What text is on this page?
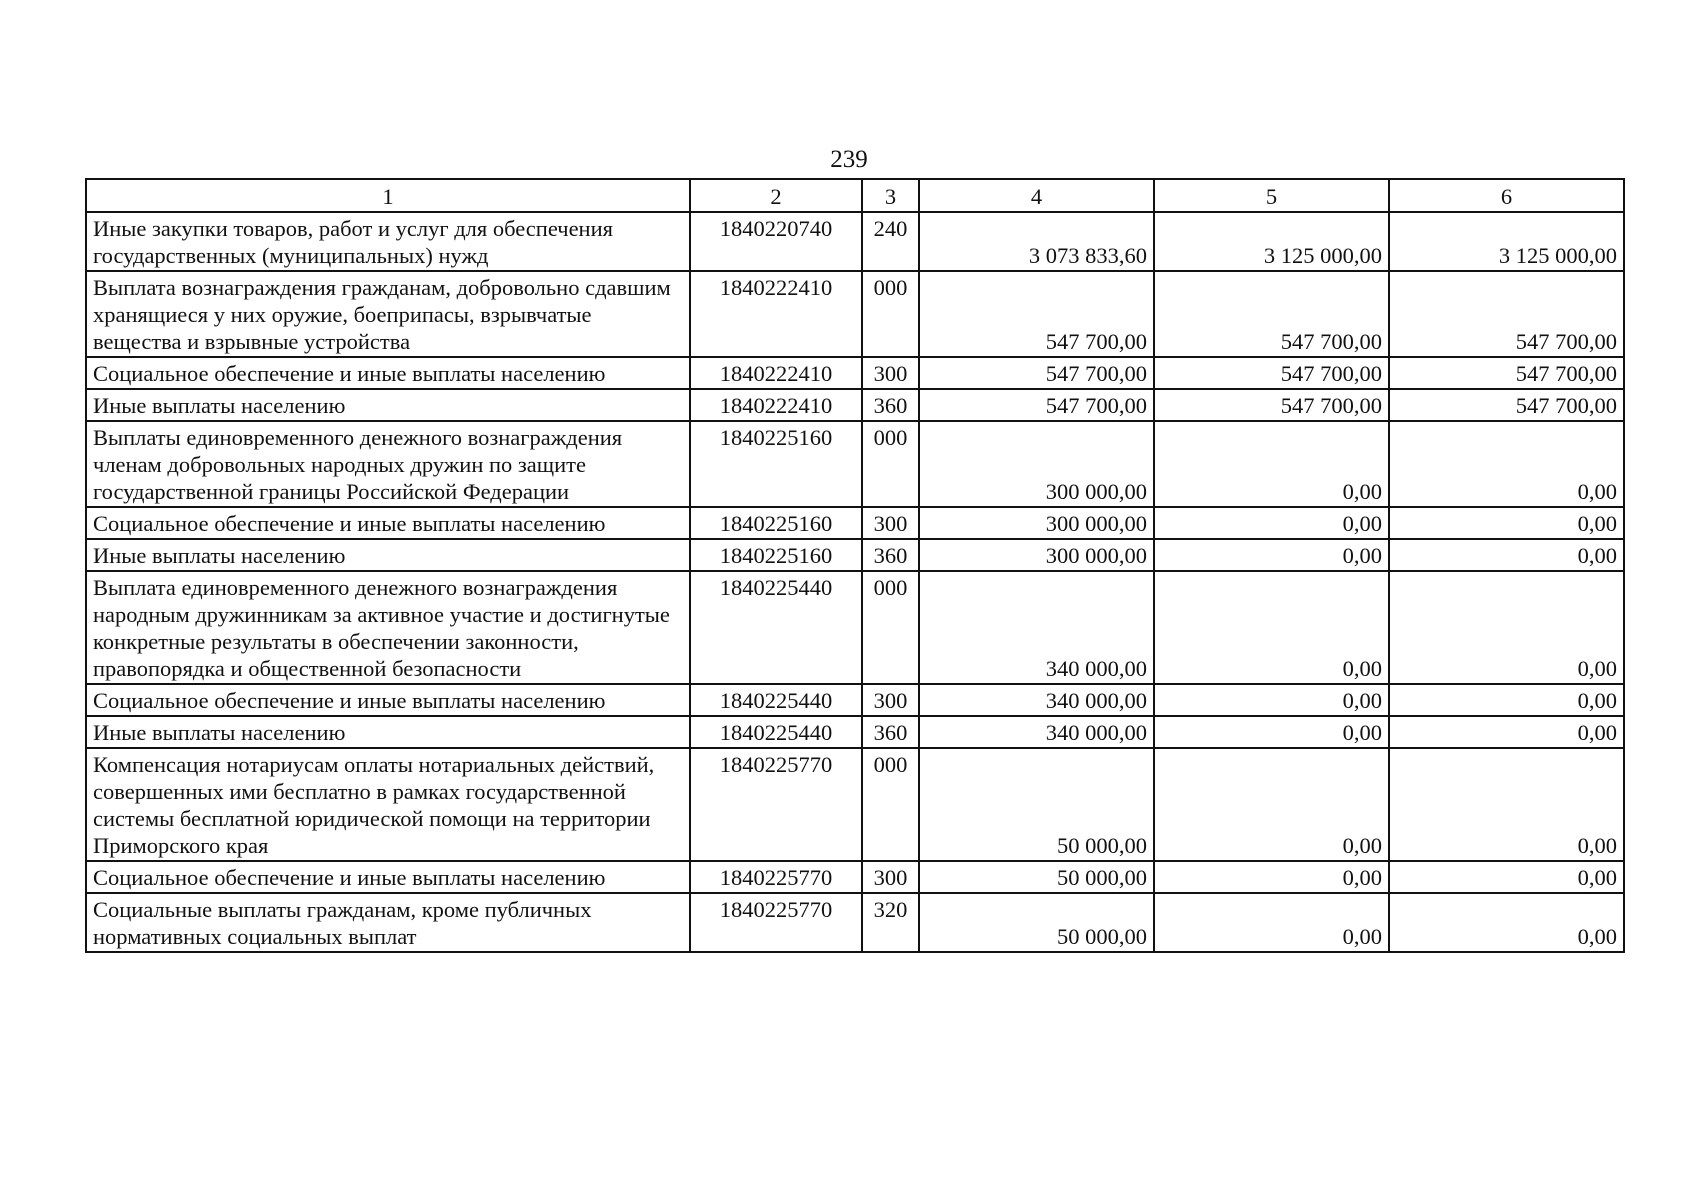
239
1	2	3	4	5	6
Иные закупки товаров, работ и услуг для обеспечения государственных (муниципальных) нужд	1840220740	240	3 073 833,60	3 125 000,00	3 125 000,00
Выплата вознаграждения гражданам, добровольно сдавшим хранящиеся у них оружие, боеприпасы, взрывчатые вещества и взрывные устройства	1840222410	000	547 700,00	547 700,00	547 700,00
Социальное обеспечение и иные выплаты населению	1840222410	300	547 700,00	547 700,00	547 700,00
Иные выплаты населению	1840222410	360	547 700,00	547 700,00	547 700,00
Выплаты единовременного денежного вознаграждения членам добровольных народных дружин по защите государственной границы Российской Федерации	1840225160	000	300 000,00	0,00	0,00
Социальное обеспечение и иные выплаты населению	1840225160	300	300 000,00	0,00	0,00
Иные выплаты населению	1840225160	360	300 000,00	0,00	0,00
Выплата единовременного денежного вознаграждения народным дружинникам за активное участие и достигнутые конкретные результаты в обеспечении законности, правопорядка и общественной безопасности	1840225440	000	340 000,00	0,00	0,00
Социальное обеспечение и иные выплаты населению	1840225440	300	340 000,00	0,00	0,00
Иные выплаты населению	1840225440	360	340 000,00	0,00	0,00
Компенсация нотариусам оплаты нотариальных действий, совершенных ими бесплатно в рамках государственной системы бесплатной юридической помощи на территории Приморского края	1840225770	000	50 000,00	0,00	0,00
Социальное обеспечение и иные выплаты населению	1840225770	300	50 000,00	0,00	0,00
Социальные выплаты гражданам, кроме публичных нормативных социальных выплат	1840225770	320	50 000,00	0,00	0,00
